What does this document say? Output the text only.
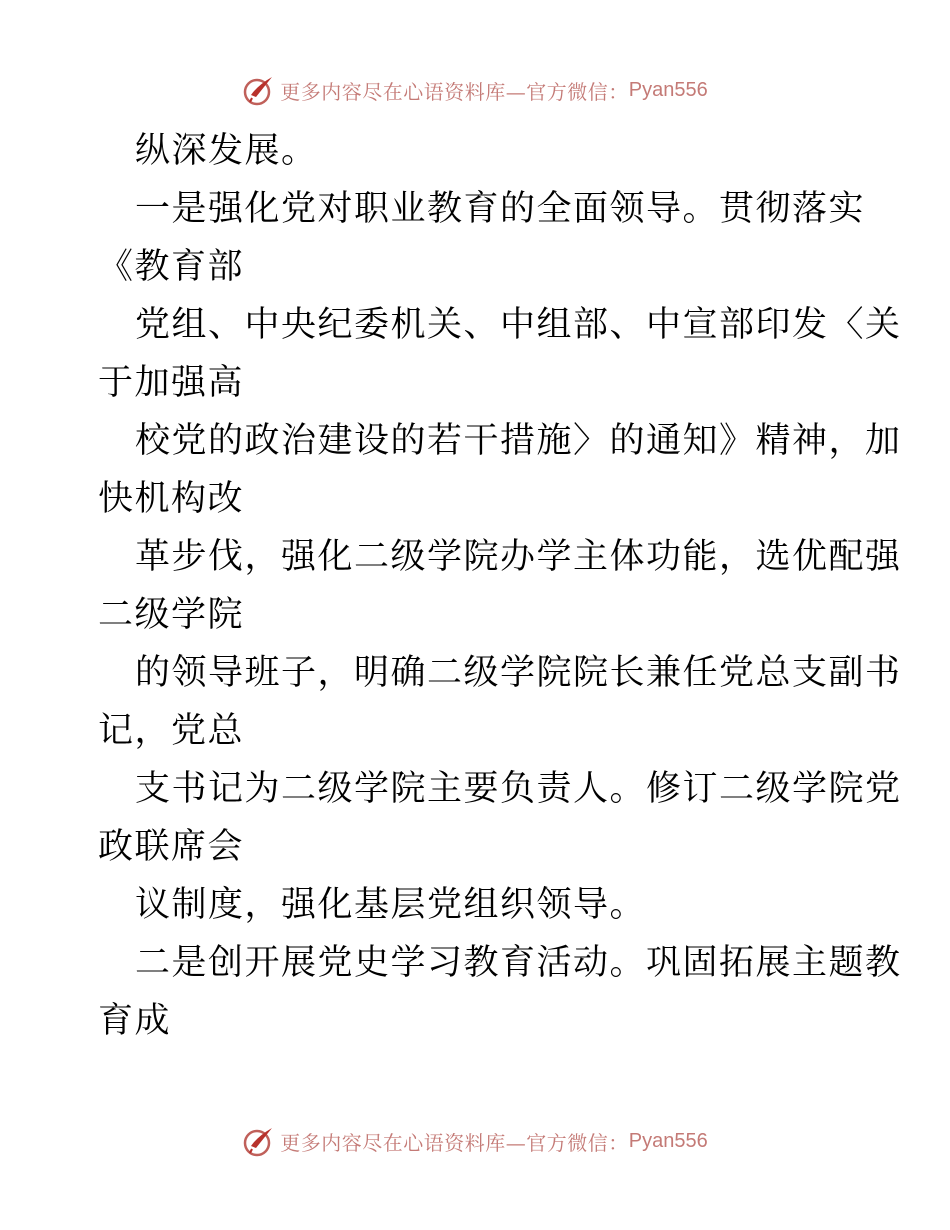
更多内容尽在心语资料库—官方微信： Pyan556
纵深发展。
一是强化党对职业教育的全面领导。贯彻落实
《教育部
党组、中央纪委机关、中组部、中宣部印发〈关
于加强高
校党的政治建设的若干措施〉的通知》精神，加
快机构改
革步伐，强化二级学院办学主体功能，选优配强
二级学院
的领导班子，明确二级学院院长兼任党总支副书
记，党总
支书记为二级学院主要负责人。修订二级学院党
政联席会
议制度，强化基层党组织领导。
二是创开展党史学习教育活动。巩固拓展主题教
育成
更多内容尽在心语资料库—官方微信： Pyan556
